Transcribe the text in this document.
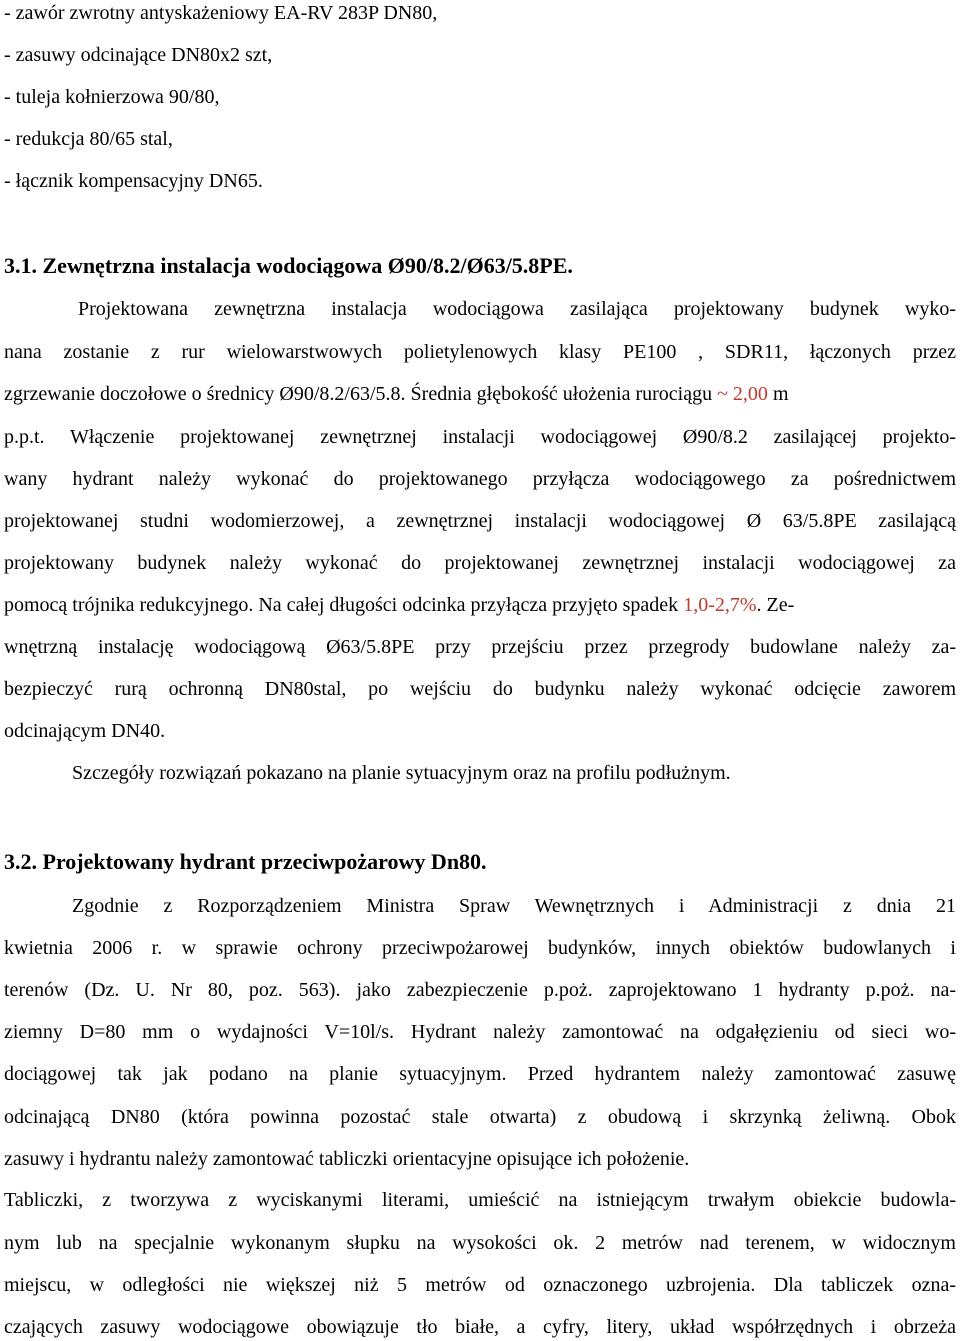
- zawór zwrotny antyskażeniowy EA-RV 283P DN80,

- zasuwy odcinające DN80x2 szt,

- tuleja kołnierzowa 90/80,

- redukcja 80/65 stal,

- łącznik kompensacyjny DN65.

3.1. Zewnętrzna instalacja wodociągowa Ø90/8.2/Ø63/5.8PE.

Projektowana zewnętrzna instalacja wodociągowa zasilająca projektowany budynek wyko-

nana zostanie z rur wielowarstwowych polietylenowych klasy PE100 , SDR11, łączonych przez

zgrzewanie doczołowe o średnicy Ø90/8.2/63/5.8. Średnia głębokość ułożenia rurociągu ~ 2,00 m

p.p.t. Włączenie projektowanej zewnętrznej instalacji wodociągowej Ø90/8.2 zasilającej projekto-

wany hydrant należy wykonać do projektowanego przyłącza wodociągowego za pośrednictwem

projektowanej studni wodomierzowej, a zewnętrznej instalacji wodociągowej Ø 63/5.8PE zasilającą

projektowany budynek należy wykonać do projektowanej zewnętrznej instalacji wodociągowej za

pomocą trójnika redukcyjnego. Na całej długości odcinka przyłącza przyjęto spadek 1,0-2,7%. Ze-

wnętrzną instalację wodociągową Ø63/5.8PE przy przejściu przez przegrody budowlane należy za-

bezpieczyć rurą ochronną DN80stal, po wejściu do budynku należy wykonać odcięcie zaworem

odcinającym DN40.

Szczegóły rozwiązań pokazano na planie sytuacyjnym oraz na profilu podłużnym.

3.2. Projektowany hydrant przeciwpożarowy Dn80.

Zgodnie z Rozporządzeniem Ministra Spraw Wewnętrznych i Administracji z dnia 21

kwietnia 2006 r. w sprawie ochrony przeciwpożarowej budynków, innych obiektów budowlanych i

terenów (Dz. U. Nr 80, poz. 563). jako zabezpieczenie p.poż. zaprojektowano 1 hydranty p.poż. na-

ziemny D=80 mm o wydajności V=10l/s. Hydrant należy zamontować na odgałęzieniu od sieci wo-

dociągowej tak jak podano na planie sytuacyjnym. Przed hydrantem należy zamontować zasuwę

odcinającą DN80 (która powinna pozostać stale otwarta) z obudową i skrzynką żeliwną. Obok

zasuwy i hydrantu należy zamontować tabliczki orientacyjne opisujące ich położenie.

Tabliczki, z tworzywa z wyciskanymi literami, umieścić na istniejącym trwałym obiekcie budowla-

nym lub na specjalnie wykonanym słupku na wysokości ok. 2 metrów nad terenem, w widocznym

miejscu, w odległości nie większej niż 5 metrów od oznaczonego uzbrojenia. Dla tabliczek ozna-

czających zasuwy wodociągowe obowiązuje tło białe, a cyfry, litery, układ współrzędnych i obrzeża
